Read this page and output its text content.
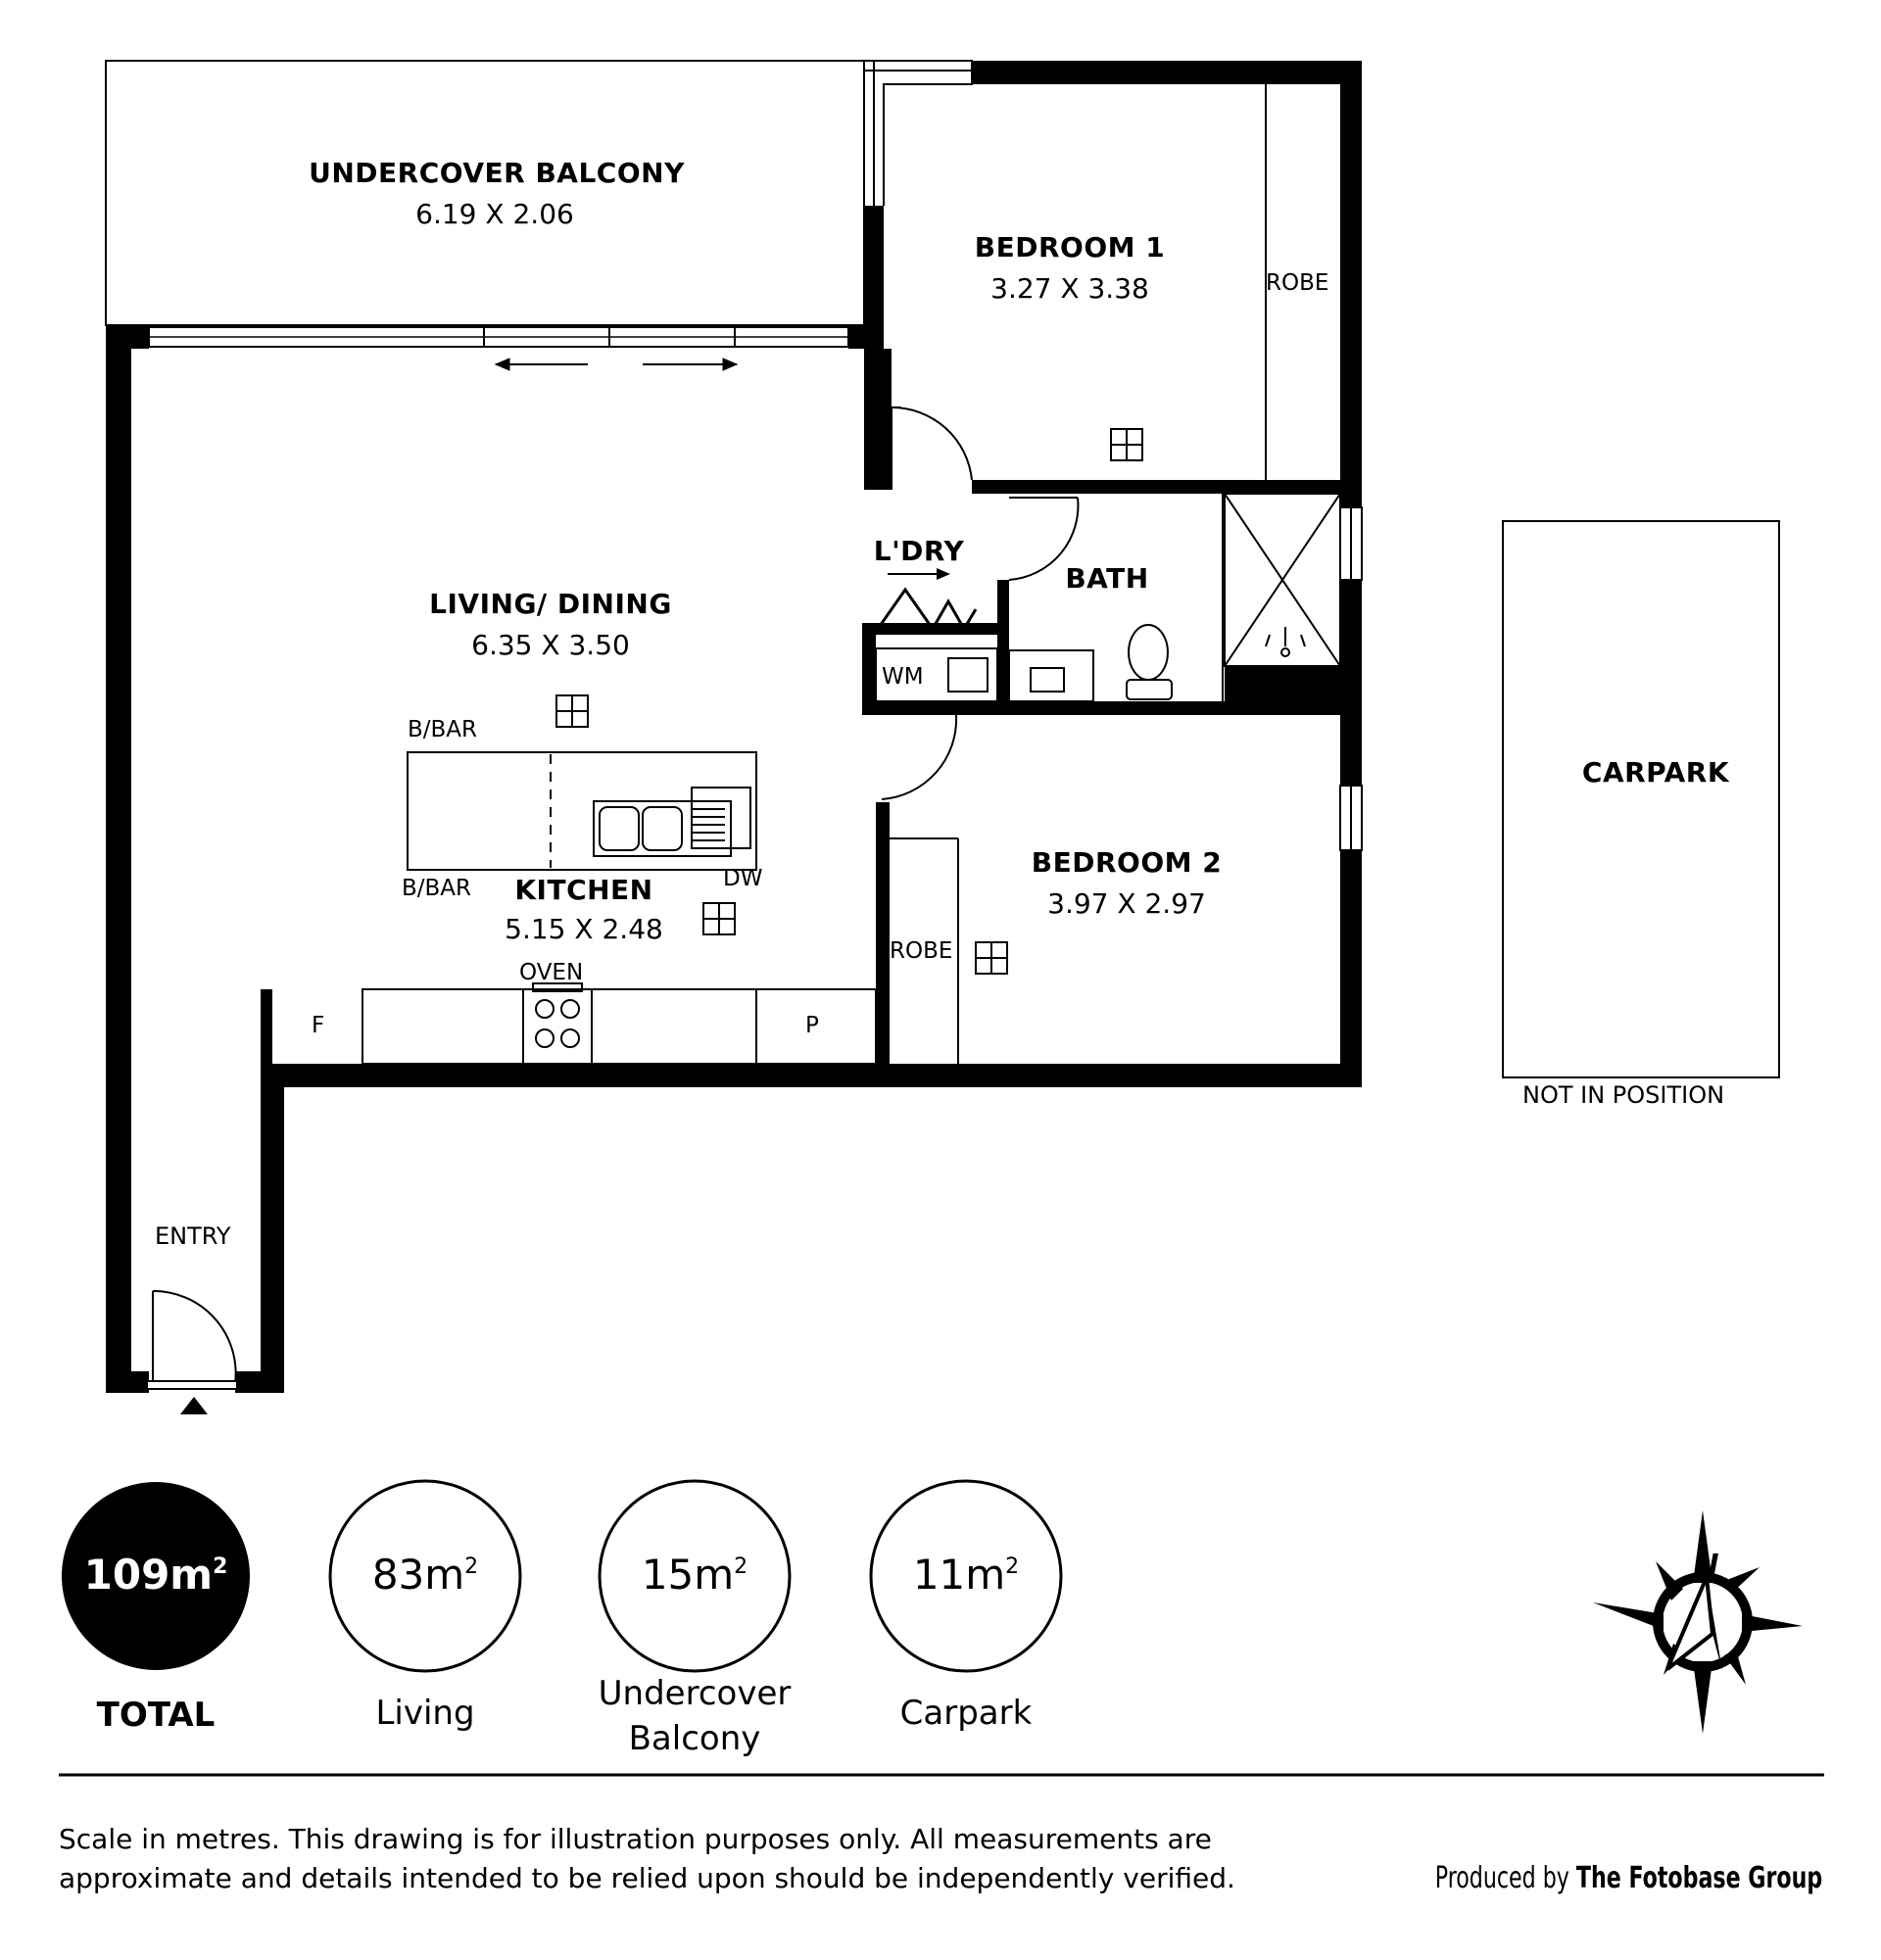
UNDERCOVER BALCONY
6.19 X 2.06
ROBE
BEDROOM 1
3.27 X 3.38
L'DRY
WM
BATH
LIVING/ DINING
6.35 X 3.50
B/BAR
B/BAR KITCHEN
5.15 X 2.48
DW
OVEN
F	P
ROBE
BEDROOM 2
3.97 X 2.97
ENTRY
CARPARK
NOT IN POSITION
$109m^2$
TOTAL
$83m^2$
Living
$15m^2$
Undercover
Balcony
$11m^2$
Carpark
N
Scale in metres. This drawing is for illustration purposes only. All measurements are
approximate and details intended to be relied upon should be independently verified.	Produced by The Fotobase Group
